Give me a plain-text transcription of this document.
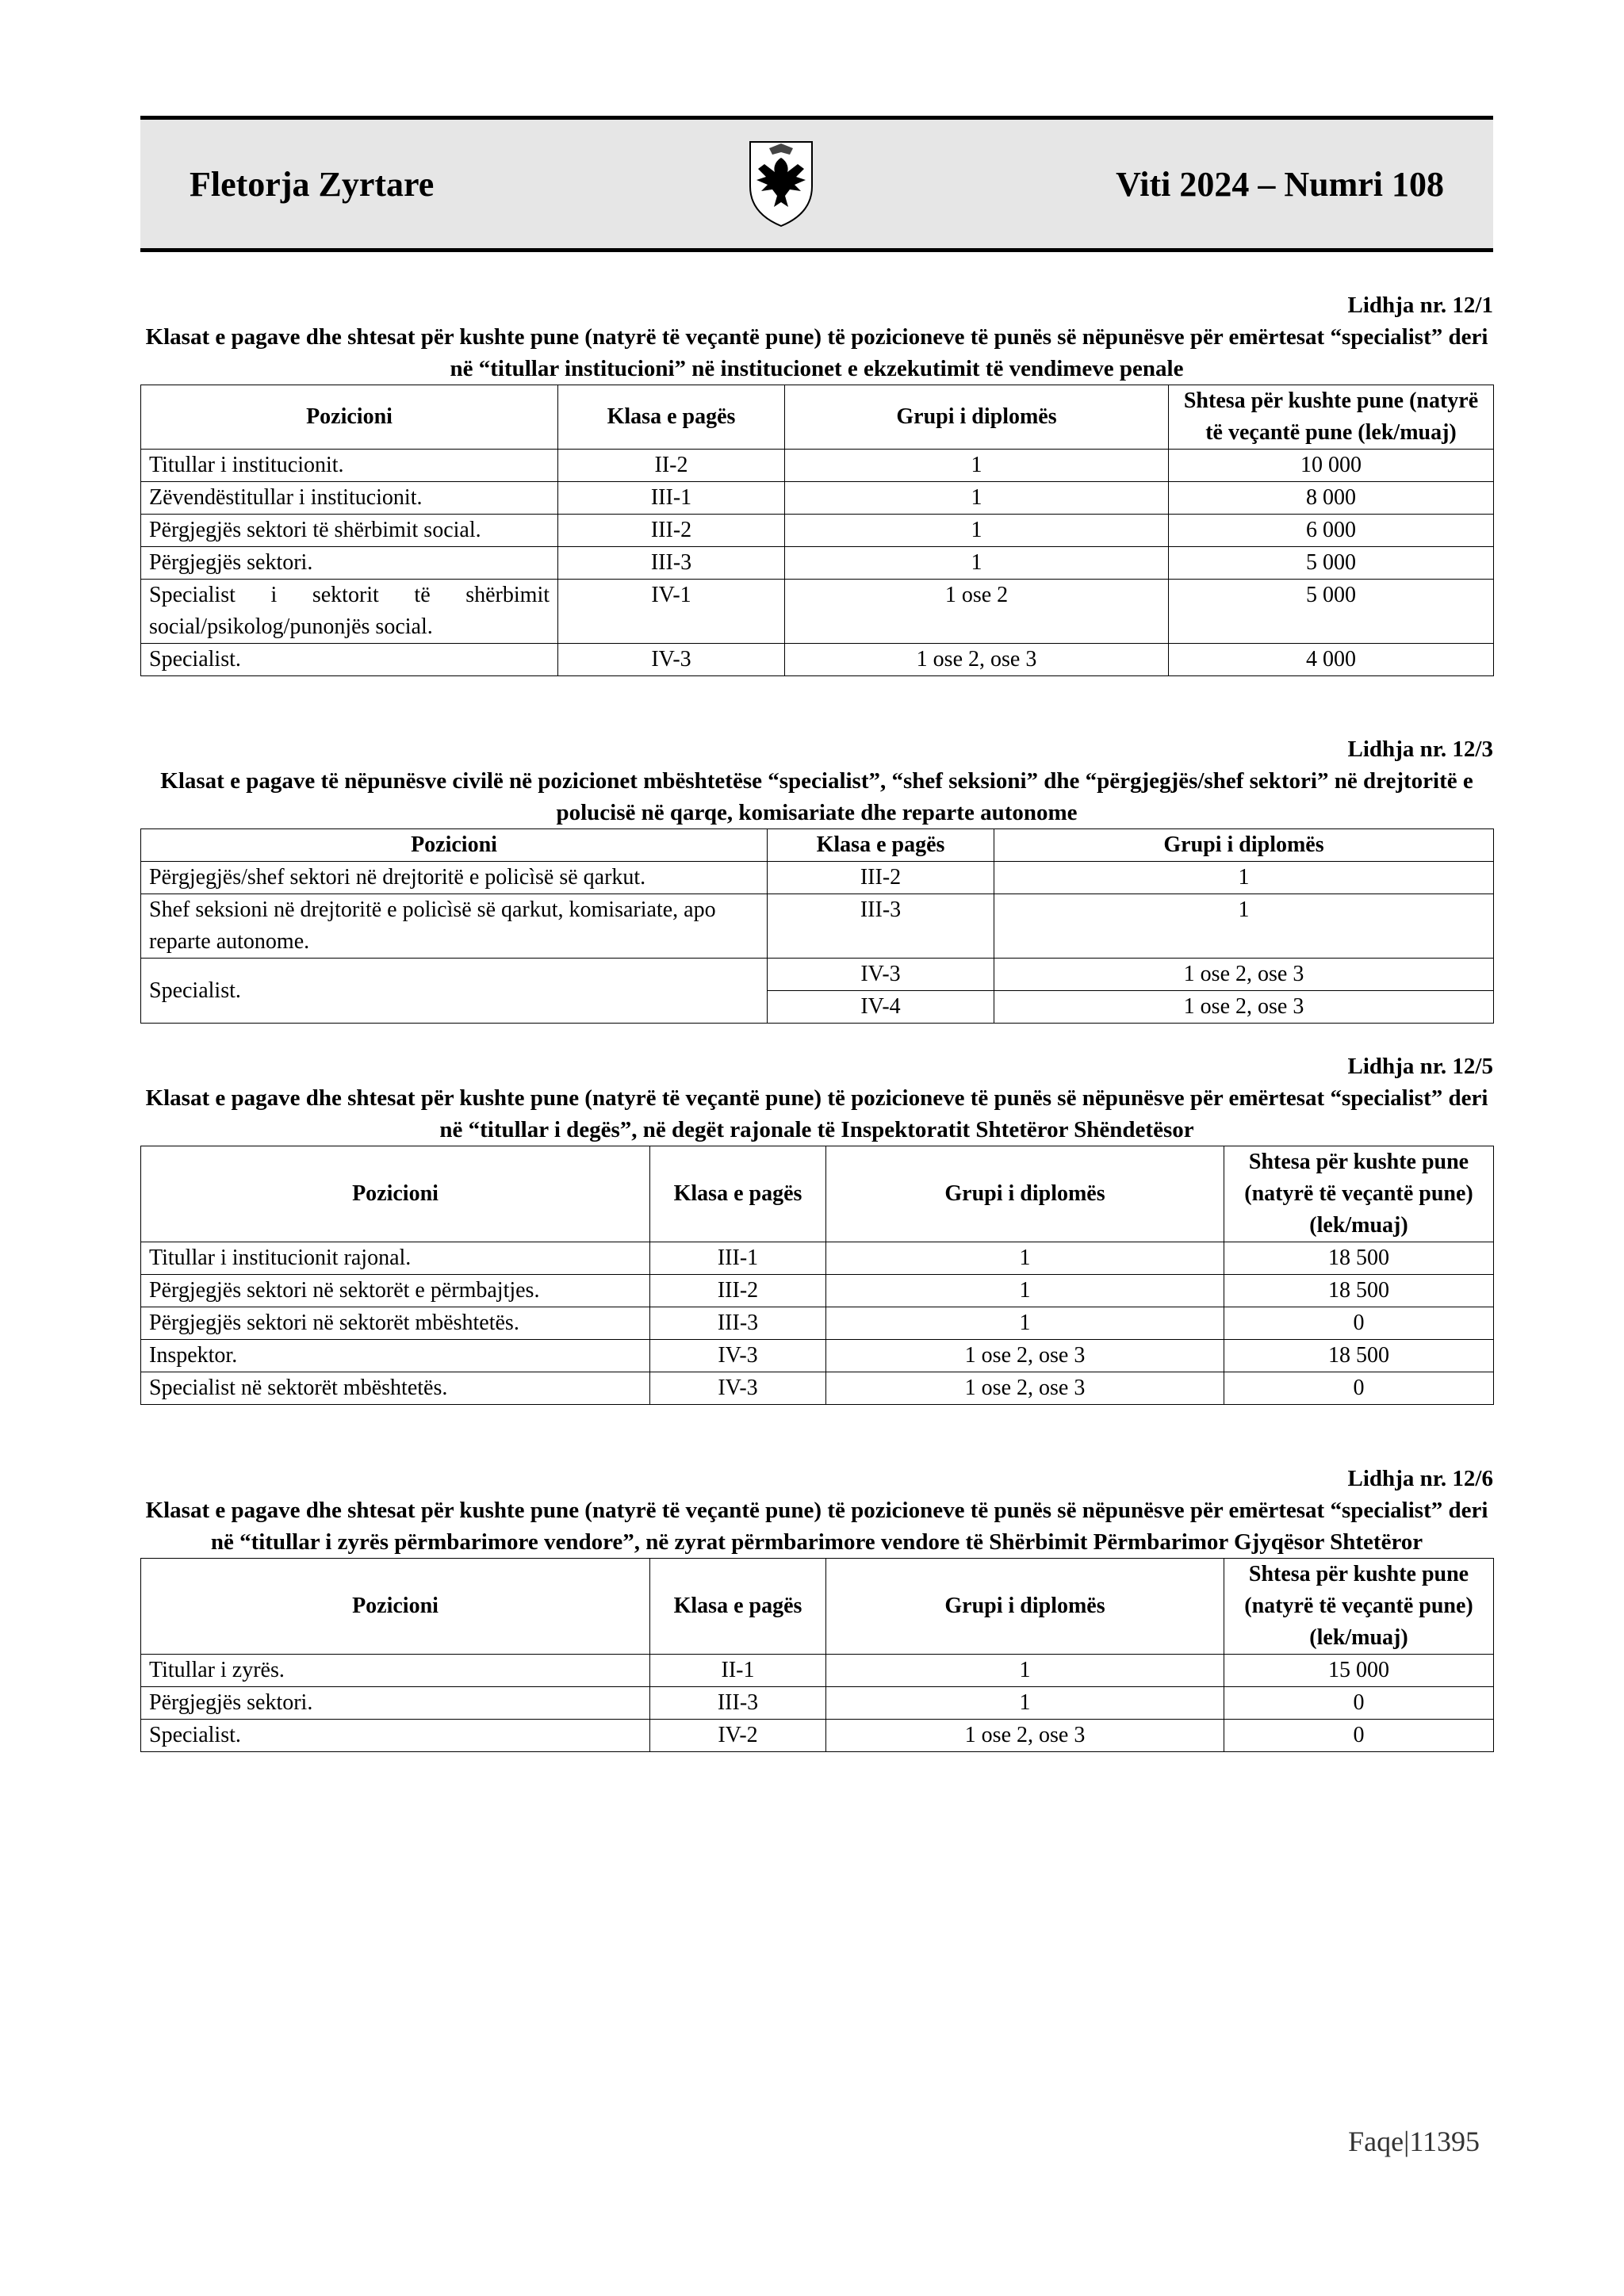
Fletorja Zyrtare	Viti 2024 – Numri 108
Lidhja nr. 12/1
Klasat e pagave dhe shtesat për kushte pune (natyrë të veçantë pune) të pozicioneve të punës së nëpunësve për emërtesat “specialist” deri në “titullar institucioni” në institucionet e ekzekutimit të vendimeve penale
Pozicioni	Klasa e pagës	Grupi i diplomës	Shtesa për kushte pune (natyrë të veçantë pune (lek/muaj)
Titullar i institucionit.	II-2	1	10 000
Zëvendëstitullar i institucionit.	III-1	1	8 000
Përgjegjës sektori të shërbimit social.	III-2	1	6 000
Përgjegjës sektori.	III-3	1	5 000
Specialist i sektorit të shërbimit social/psikolog/punonjës social.	IV-1	1 ose 2	5 000
Specialist.	IV-3	1 ose 2, ose 3	4 000
Lidhja nr. 12/3
Klasat e pagave të nëpunësve civilë në pozicionet mbështetëse “specialist”, “shef seksioni” dhe “përgjegjës/shef sektori” në drejtoritë e polucisë në qarqe, komisariate dhe reparte autonome
Pozicioni	Klasa e pagës	Grupi i diplomës
Përgjegjës/shef sektori në drejtoritë e policìsë së qarkut.	III-2	1
Shef seksioni në drejtoritë e policìsë së qarkut, komisariate, apo reparte autonome.	III-3	1
Specialist.	IV-3	1 ose 2, ose 3
	IV-4	1 ose 2, ose 3
Lidhja nr. 12/5
Klasat e pagave dhe shtesat për kushte pune (natyrë të veçantë pune) të pozicioneve të punës së nëpunësve për emërtesat “specialist” deri në “titullar i degës”, në degët rajonale të Inspektoratit Shtetëror Shëndetësor
Pozicioni	Klasa e pagës	Grupi i diplomës	Shtesa për kushte pune (natyrë të veçantë pune) (lek/muaj)
Titullar i institucionit rajonal.	III-1	1	18 500
Përgjegjës sektori në sektorët e përmbajtjes.	III-2	1	18 500
Përgjegjës sektori në sektorët mbështetës.	III-3	1	0
Inspektor.	IV-3	1 ose 2, ose 3	18 500
Specialist në sektorët mbështetës.	IV-3	1 ose 2, ose 3	0
Lidhja nr. 12/6
Klasat e pagave dhe shtesat për kushte pune (natyrë të veçantë pune) të pozicioneve të punës së nëpunësve për emërtesat “specialist” deri në “titullar i zyrës përmbarimore vendore”, në zyrat përmbarimore vendore të Shërbimit Përmbarimor Gjyqësor Shtetëror
Pozicioni	Klasa e pagës	Grupi i diplomës	Shtesa për kushte pune (natyrë të veçantë pune) (lek/muaj)
Titullar i zyrës.	II-1	1	15 000
Përgjegjës sektori.	III-3	1	0
Specialist.	IV-2	1 ose 2, ose 3	0
Faqe|11395
